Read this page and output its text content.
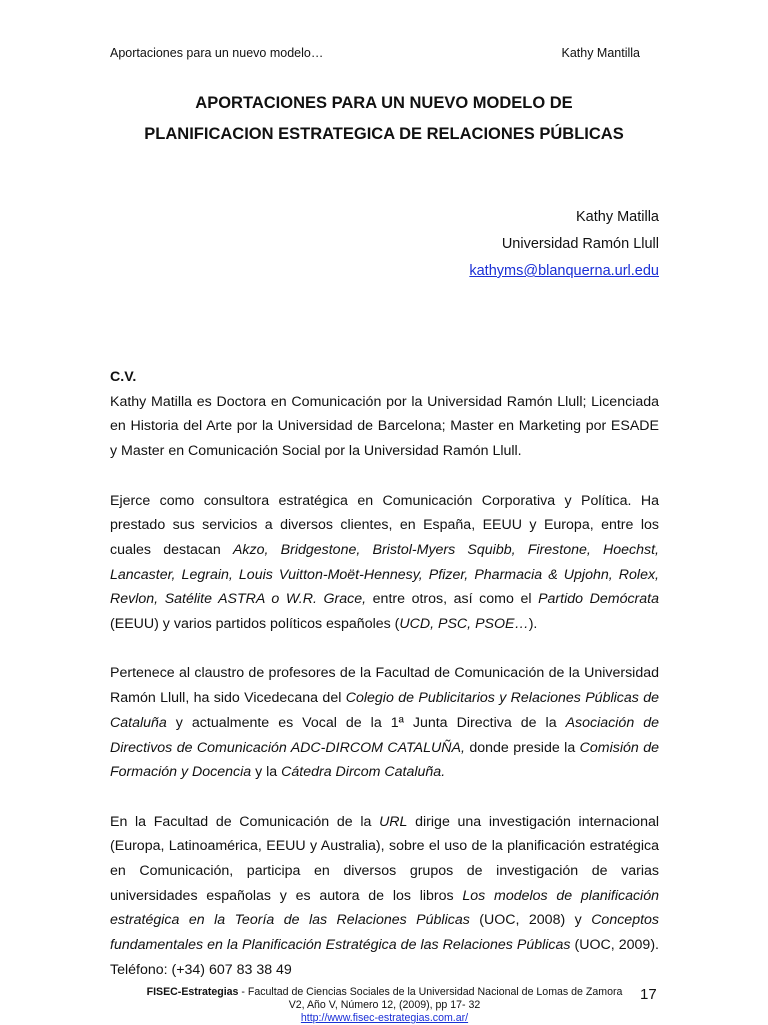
Aportaciones para un nuevo modelo…	Kathy Mantilla
APORTACIONES PARA UN NUEVO MODELO DE
PLANIFICACION ESTRATEGICA DE RELACIONES PÚBLICAS
Kathy Matilla
Universidad Ramón Llull
kathyms@blanquerna.url.edu

C.V.

Kathy Matilla es Doctora en Comunicación por la Universidad Ramón Llull; Licenciada en Historia del Arte por la Universidad de Barcelona; Master en Marketing por ESADE y Master en Comunicación Social por la Universidad Ramón Llull.

Ejerce como consultora estratégica en Comunicación Corporativa y Política. Ha prestado sus servicios a diversos clientes, en España, EEUU y Europa, entre los cuales destacan Akzo, Bridgestone, Bristol-Myers Squibb, Firestone, Hoechst, Lancaster, Legrain, Louis Vuitton-Moët-Hennesy, Pfizer, Pharmacia & Upjohn, Rolex, Revlon, Satélite ASTRA o W.R. Grace, entre otros, así como el Partido Demócrata (EEUU) y varios partidos políticos españoles (UCD, PSC, PSOE…).

Pertenece al claustro de profesores de la Facultad de Comunicación de la Universidad Ramón Llull, ha sido Vicedecana del Colegio de Publicitarios y Relaciones Públicas de Cataluña y actualmente es Vocal de la 1ª Junta Directiva de la Asociación de Directivos de Comunicación ADC-DIRCOM CATALUÑA, donde preside la Comisión de Formación y Docencia y la Cátedra Dircom Cataluña.

En la Facultad de Comunicación de la URL dirige una investigación internacional (Europa, Latinoamérica, EEUU y Australia), sobre el uso de la planificación estratégica en Comunicación, participa en diversos grupos de investigación de varias universidades españolas y es autora de los libros Los modelos de planificación estratégica en la Teoría de las Relaciones Públicas (UOC, 2008) y Conceptos fundamentales en la Planificación Estratégica de las Relaciones Públicas (UOC, 2009). Teléfono: (+34) 607 83 38 49

FISEC-Estrategias - Facultad de Ciencias Sociales de la Universidad Nacional de Lomas de Zamora
V2, Año V, Número 12, (2009), pp 17- 32
http://www.fisec-estrategias.com.ar/
17
